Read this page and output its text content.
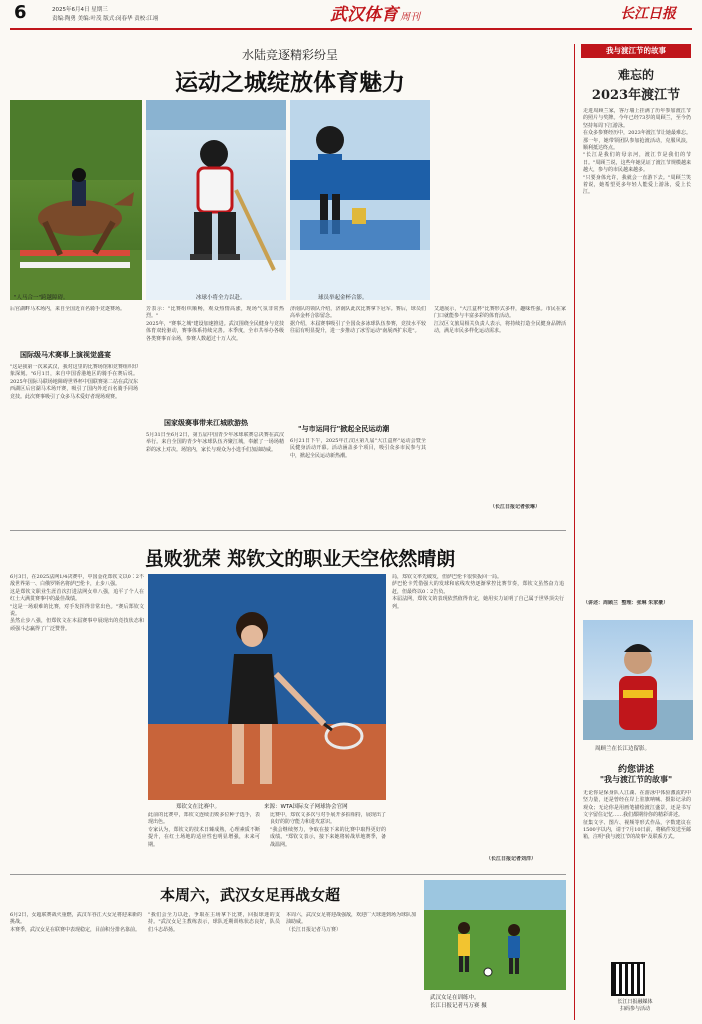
6	2025年6月4日 星期三
责编:陶勇 美编:叶茂 版式:闵春华 责校:江翊	武汉体育 周刊	长江日报
水陆竞逐精彩纷呈
运动之城绽放体育魅力
"人马合一"跨越障碍。	冰球小将全力以赴。	球员举起金杯合影。
后官湖畔马术场内，来自全国近百名骑手竞逐赛场。
国际级马术赛事上演视觉盛宴
"这是我第一次来武汉，我对这里的比赛场馆和竞赛组织印象深刻。"6月1日，来自中国香港地区的骑手在赛后说。2025年国际马联场地障碍世界杯中国联赛第二站在武汉东西湖区后官湖马术场开赛，吸引了国内外近百名骑手同场竞技。此次赛事吸引了众多马术爱好者现场观赛。
芳表示："比赛组织顺畅，观众热情高涨，现场气氛非常热烈。"
2025年，"赛事之城"建设加速推进。武汉围绕全民健身与竞技体育双轮驱动，赛事体系持续完善。本季度，全市共举办各级各类赛事百余场，参赛人数超过十万人次。
国家级赛事带来江城欧游热
5月31日至6月2日，第五届中国青少年冰球联赛总决赛在武汉举行。来自全国的青少年冰球队伍齐聚江城，奉献了一场场精彩的冰上对决。场馆内，家长与观众为小选手们加油助威。
济南队的领队介绍，济南队此次比赛拿下冠军。赛后，球员们高举金杯合影留念。
据介绍，本届赛事吸引了全国众多冰球队伍参赛，竞技水平较往届有明显提升，进一步推动了冰雪运动"南展西扩东进"。
"与市运同行"掀起全民运动潮
6月21日下午，2025年江汉区第九届"大江盒杯"运动会暨全民健身活动开幕。活动涵盖多个项目，吸引众多市民参与其中，掀起全民运动新热潮。
艾迪展示，"大江盒杯"比赛形式多样，趣味性强。市民在家门口就能参与丰富多彩的体育活动。
江汉区文旅局相关负责人表示，将持续打造全民健身品牌活动，满足市民多样化运动需求。
（长江日报记者张琳）
我与渡江节的故事
难忘的
2023年渡江节
走进周顾兰家，客厅墙上挂满了历年参加渡江节的照片与奖牌。今年已经73岁的周顾兰，至今仍坚持每周下江游泳。
在众多参赛经历中，2023年渡江节让她最难忘。那一年，她带领团队参加抢渡活动，克服风浪，顺利抵达终点。
"长江是我们的母亲河，渡江节是我们的节日。"周顾兰说，这些年她见证了渡江节规模越来越大，参与的市民越来越多。
"只要身体允许，我就会一直游下去。"周顾兰笑着说，她希望更多年轻人能爱上游泳，爱上长江。
（讲述：周顾兰  整理：张琳 朱家豪）
周顾兰在长江边留影。
约您讲述
"我与渡江节的故事"
无论你是保身队人江湖、在游泳中体验激流的中坚力量，还是曾经在岸上驻旗呐喊、摄影记录的观众；无论你是用画笔描绘渡江盛景，还是书写文字留住记忆……我们都期待你的精彩讲述。
征集文字、图片、视频等形式作品，字数建议在1500字以内，请于7月10日前，将稿件发送至邮箱，注明"我与渡江节的故事"及联系方式。
长江日报融媒体
扫码参与活动
虽败犹荣 郑钦文的职业天空依然晴朗
6月3日，在2025法网1/4决赛中，中国金花郑钦文以0∶2不敌世界第一、白俄罗斯名将萨巴伦卡，止步八强。
这是郑钦文职业生涯首次打进法网女单八强，追平了个人在红土大满贯赛事中的最佳战绩。
"这是一场艰难的比赛，对手发挥得非常出色。"赛后郑钦文说。
虽然止步八强，但郑钦文在本届赛事中展现出的竞技状态和顽强斗志赢得了广泛赞誉。
郑钦文在比赛中。	来源：WTA国际女子网球协会官网
此前的比赛中，郑钦文连续击败多位种子选手，表现出色。
专家认为，郑钦文的技术日臻成熟，心理素质不断提升，在红土场地的适应性也明显增强，未来可期。
比赛中，郑钦文多次与对手展开多拍相持，展现出了良好的防守能力和进攻意识。
"我会继续努力，争取在接下来的比赛中取得更好的成绩。"郑钦文表示，接下来她将转战草地赛季，备战温网。
局，郑钦文率先破发，但萨巴伦卡很快扳回一局。
萨巴伦卡凭借强大的发球和底线攻势逐渐掌控比赛节奏，郑钦文虽然奋力追赶，但最终以0∶2告负。
本届法网，郑钦文的表现依然值得肯定，她用实力证明了自己属于世界顶尖行列。
（长江日报记者刘洋）
本周六，武汉女足再战女超
6月2日，女超联赛战火重燃，武汉车谷江大女足将迎来新的挑战。
本赛季，武汉女足在联赛中表现稳定，目前积分排名靠前。
"我们会全力以赴，争取在主场拿下比赛，回报球迷的支持。"武汉女足主教练表示，球队近期训练状态良好，队员们斗志昂扬。
本周六，武汉女足将迎战强敌，欢迎广大球迷到场为球队加油助威。
（长江日报记者马万赛）
武汉女足在训练中。
长江日报记者马万赛 摄
